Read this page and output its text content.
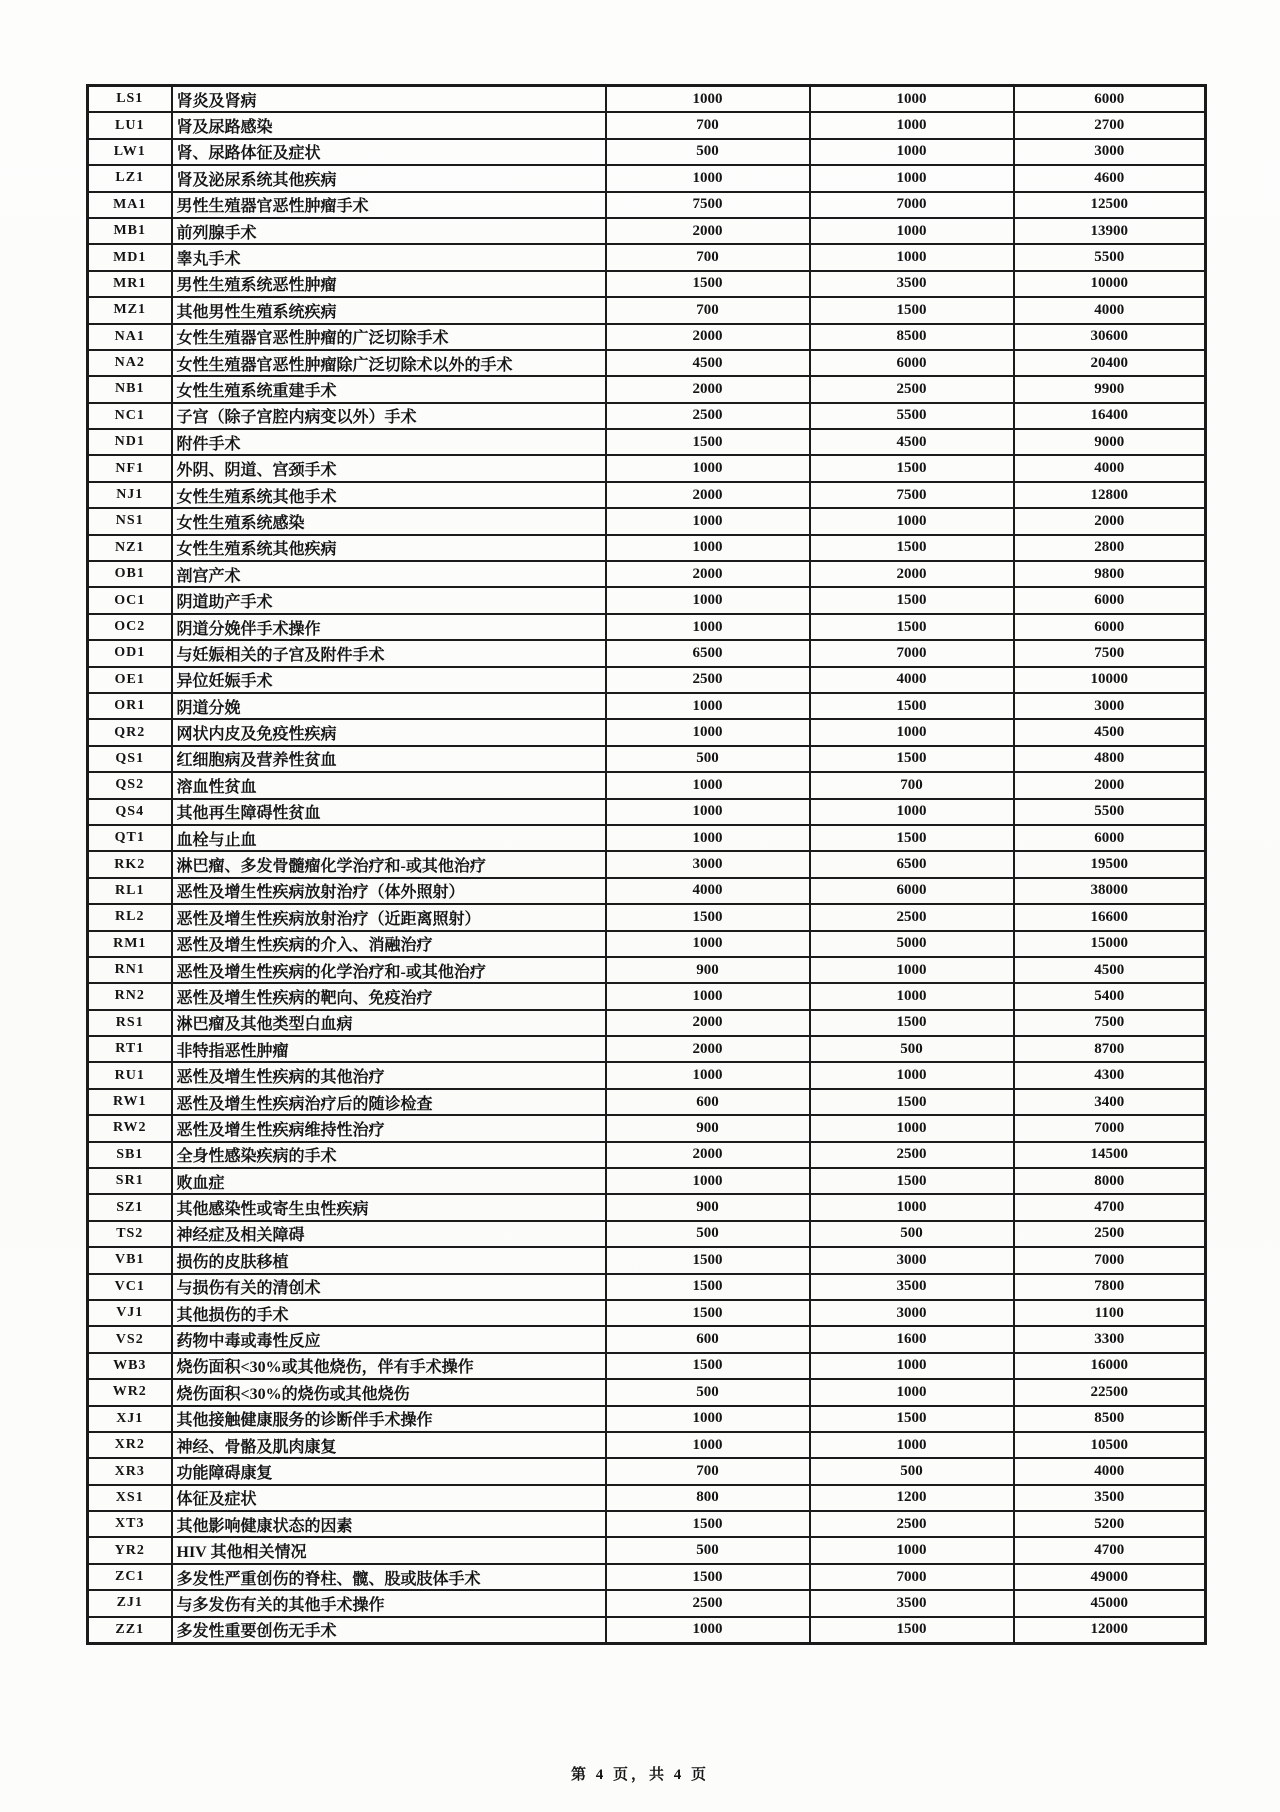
LS1	肾炎及肾病	1000	1000	6000
LU1	肾及尿路感染	700	1000	2700
LW1	肾、尿路体征及症状	500	1000	3000
LZ1	肾及泌尿系统其他疾病	1000	1000	4600
MA1	男性生殖器官恶性肿瘤手术	7500	7000	12500
MB1	前列腺手术	2000	1000	13900
MD1	睾丸手术	700	1000	5500
MR1	男性生殖系统恶性肿瘤	1500	3500	10000
MZ1	其他男性生殖系统疾病	700	1500	4000
NA1	女性生殖器官恶性肿瘤的广泛切除手术	2000	8500	30600
NA2	女性生殖器官恶性肿瘤除广泛切除术以外的手术	4500	6000	20400
NB1	女性生殖系统重建手术	2000	2500	9900
NC1	子宫（除子宫腔内病变以外）手术	2500	5500	16400
ND1	附件手术	1500	4500	9000
NF1	外阴、阴道、宫颈手术	1000	1500	4000
NJ1	女性生殖系统其他手术	2000	7500	12800
NS1	女性生殖系统感染	1000	1000	2000
NZ1	女性生殖系统其他疾病	1000	1500	2800
OB1	剖宫产术	2000	2000	9800
OC1	阴道助产手术	1000	1500	6000
OC2	阴道分娩伴手术操作	1000	1500	6000
OD1	与妊娠相关的子宫及附件手术	6500	7000	7500
OE1	异位妊娠手术	2500	4000	10000
OR1	阴道分娩	1000	1500	3000
QR2	网状内皮及免疫性疾病	1000	1000	4500
QS1	红细胞病及营养性贫血	500	1500	4800
QS2	溶血性贫血	1000	700	2000
QS4	其他再生障碍性贫血	1000	1000	5500
QT1	血栓与止血	1000	1500	6000
RK2	淋巴瘤、多发骨髓瘤化学治疗和-或其他治疗	3000	6500	19500
RL1	恶性及增生性疾病放射治疗（体外照射）	4000	6000	38000
RL2	恶性及增生性疾病放射治疗（近距离照射）	1500	2500	16600
RM1	恶性及增生性疾病的介入、消融治疗	1000	5000	15000
RN1	恶性及增生性疾病的化学治疗和-或其他治疗	900	1000	4500
RN2	恶性及增生性疾病的靶向、免疫治疗	1000	1000	5400
RS1	淋巴瘤及其他类型白血病	2000	1500	7500
RT1	非特指恶性肿瘤	2000	500	8700
RU1	恶性及增生性疾病的其他治疗	1000	1000	4300
RW1	恶性及增生性疾病治疗后的随诊检查	600	1500	3400
RW2	恶性及增生性疾病维持性治疗	900	1000	7000
SB1	全身性感染疾病的手术	2000	2500	14500
SR1	败血症	1000	1500	8000
SZ1	其他感染性或寄生虫性疾病	900	1000	4700
TS2	神经症及相关障碍	500	500	2500
VB1	损伤的皮肤移植	1500	3000	7000
VC1	与损伤有关的清创术	1500	3500	7800
VJ1	其他损伤的手术	1500	3000	1100
VS2	药物中毒或毒性反应	600	1600	3300
WB3	烧伤面积<30%或其他烧伤，伴有手术操作	1500	1000	16000
WR2	烧伤面积<30%的烧伤或其他烧伤	500	1000	22500
XJ1	其他接触健康服务的诊断伴手术操作	1000	1500	8500
XR2	神经、骨骼及肌肉康复	1000	1000	10500
XR3	功能障碍康复	700	500	4000
XS1	体征及症状	800	1200	3500
XT3	其他影响健康状态的因素	1500	2500	5200
YR2	HIV 其他相关情况	500	1000	4700
ZC1	多发性严重创伤的脊柱、髋、股或肢体手术	1500	7000	49000
ZJ1	与多发伤有关的其他手术操作	2500	3500	45000
ZZ1	多发性重要创伤无手术	1000	1500	12000
第 4 页，共 4 页
